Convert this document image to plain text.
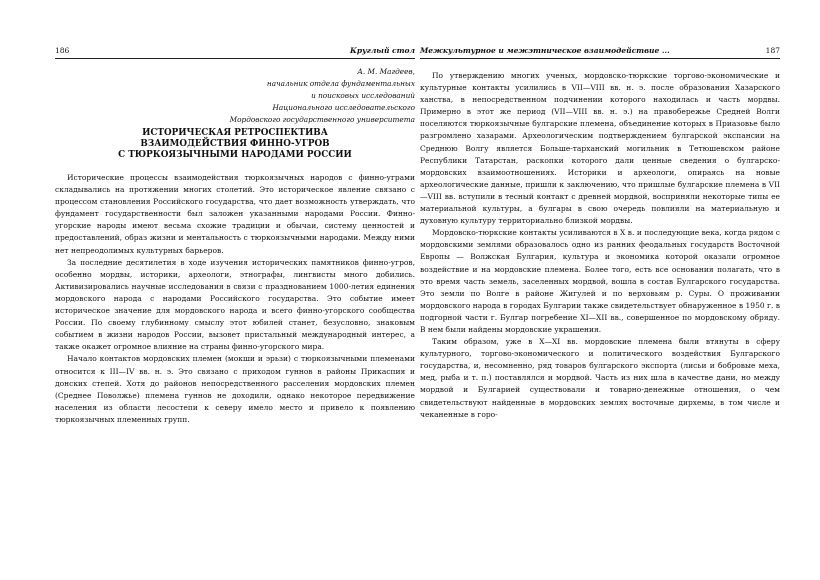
186	Круглый стол
А. М. Магдеев,
начальник отдела фундаментальных
и поисковых исследований
Национального исследовательского
Мордовского государственного университета
ИСТОРИЧЕСКАЯ РЕТРОСПЕКТИВА
ВЗАИМОДЕЙСТВИЯ ФИННО-УГРОВ
С ТЮРКОЯЗЫЧНЫМИ НАРОДАМИ РОССИИ

Исторические процессы взаимодействия тюркоязычных народов с финно-уграми складывались на протяжении многих столетий. Это историческое явление связано с процессом становления Российского государства, что дает возможность утверждать, что фундамент государственности был заложен указанными народами России. Финно-угорские народы имеют весьма схожие традиции и обычаи, систему ценностей и предоставлений, образ жизни и ментальность с тюркоязычными народами. Между ними нет непреодолимых культурных барьеров.

За последние десятилетия в ходе изучения исторических памятников финно-угров, особенно мордвы, историки, археологи, этнографы, лингвисты много добились. Активизировались научные исследования в связи с празднованием 1000-летия единения мордовского народа с народами Российского государства. Это событие имеет историческое значение для мордовского народа и всего финно-угорского сообщества России. По своему глубинному смыслу этот юбилей станет, безусловно, знаковым событием в жизни народов России, вызовет пристальный международный интерес, а также окажет огромное влияние на страны финно-угорского мира.

Начало контактов мордовских племен (мокши и эрьзи) с тюркоязычными племенами относится к III—IV вв. н. э. Это связано с приходом гуннов в районы Прикаспия и донских степей. Хотя до районов непосредственного расселения мордовских племен (Среднее Поволжье) племена гуннов не доходили, однако некоторое передвижение населения из области лесостепи к северу имело место и привело к появлению тюркоязычных племенных групп.

Межкультурное и межэтническое взаимодействие ...	187

По утверждению многих ученых, мордовско-тюркские торгово-экономические и культурные контакты усилились в VII—VIII вв. н. э. после образования Хазарского ханства, в непосредственном подчинении которого находилась и часть мордвы. Примерно в этот же период (VII—VIII вв. н. э.) на правобережье Средней Волги поселяются тюркоязычные булгарские племена, объединение которых в Приазовье было разгромлено хазарами. Археологическим подтверждением булгарской экспансии на Среднюю Волгу является Больше-тарханский могильник в Тетюшевском районе Республики Татарстан, раскопки которого дали ценные сведения о булгарско-мордовских взаимоотношениях. Историки и археологи, опираясь на новые археологические данные, пришли к заключению, что пришлые булгарские племена в VII—VIII вв. вступили в тесный контакт с древней мордвой, восприняли некоторые типы ее материальной культуры, а булгары в свою очередь повлияли на материальную и духовную культуру территориально близкой мордвы.

Мордовско-тюркские контакты усиливаются в X в. и последующие века, когда рядом с мордовскими землями образовалось одно из ранних феодальных государств Восточной Европы — Волжская Булгария, культура и экономика которой оказали огромное воздействие и на мордовские племена. Более того, есть все основания полагать, что в это время часть земель, заселенных мордвой, вошла в состав Булгарского государства. Это земли по Волге в районе Жигулей и по верховьям р. Суры. О проживании мордовского народа в городах Булгарии также свидетельствует обнаруженное в 1950 г. в подгорной части г. Булгар погребение XI—XII вв., совершенное по мордовскому обряду. В нем были найдены мордовские украшения.

Таким образом, уже в X—XI вв. мордовские племена были втянуты в сферу культурного, торгово-экономического и политического воздействия Булгарского государства, и, несомненно, ряд товаров булгарского экспорта (лисьи и бобровые меха, мед, рыба и т. п.) поставлялся и мордвой. Часть из них шла в качестве дани, но между мордвой и Булгарией существовали и товарно-денежные отношения, о чем свидетельствуют найденные в мордовских землях восточные дирхемы, в том числе и чеканенные в горо-
